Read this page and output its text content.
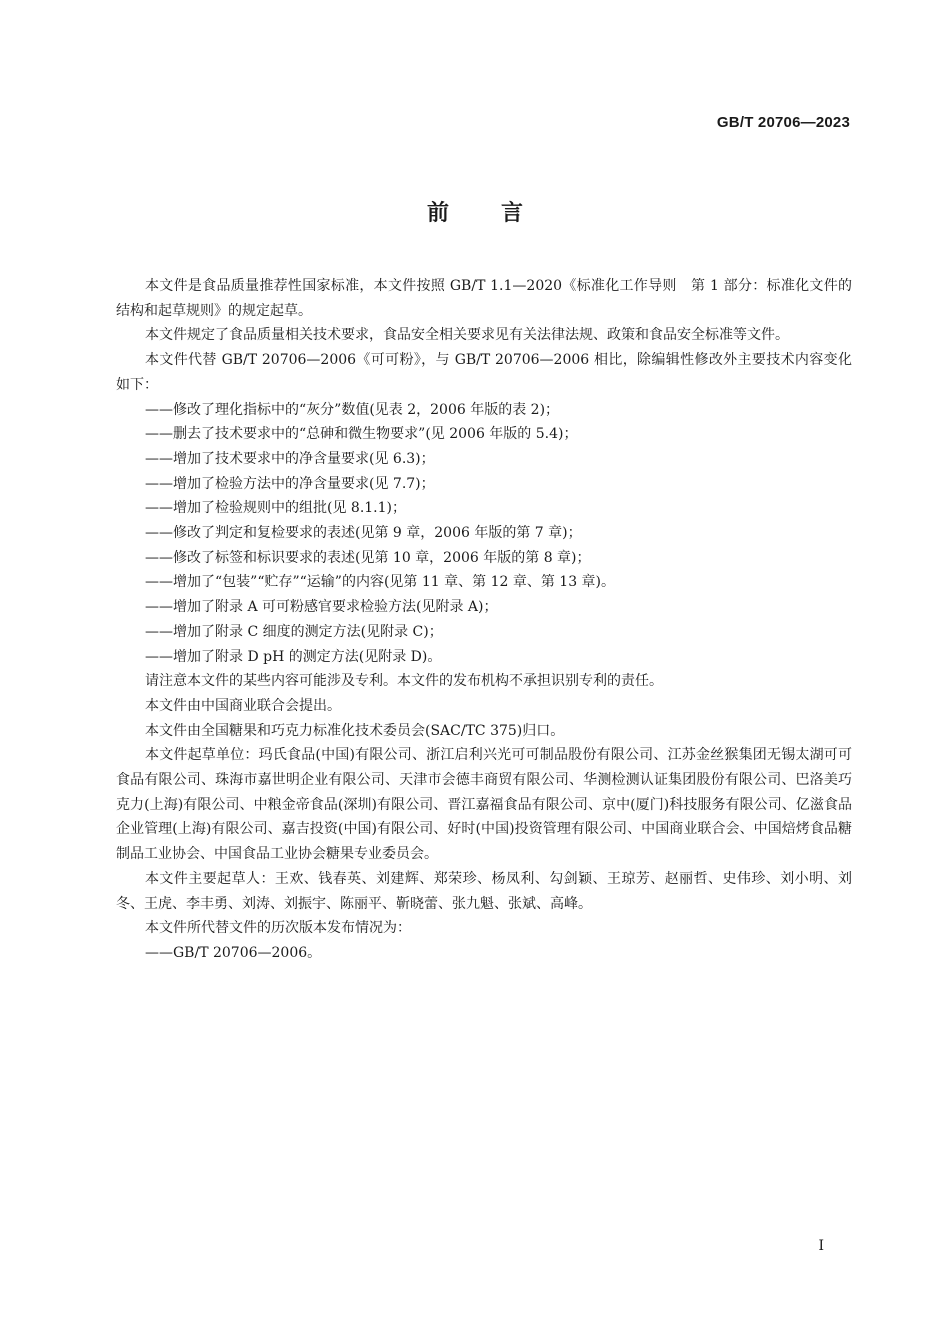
GB/T 20706—2023
前 言

本文件是食品质量推荐性国家标准，本文件按照 GB/T 1.1—2020《标准化工作导则　第 1 部分：标准化文件的结构和起草规则》的规定起草。

本文件规定了食品质量相关技术要求，食品安全相关要求见有关法律法规、政策和食品安全标准等文件。

本文件代替 GB/T 20706—2006《可可粉》，与 GB/T 20706—2006 相比，除编辑性修改外主要技术内容变化如下：

——修改了理化指标中的“灰分”数值(见表 2，2006 年版的表 2)；

——删去了技术要求中的“总砷和微生物要求”(见 2006 年版的 5.4)；

——增加了技术要求中的净含量要求(见 6.3)；

——增加了检验方法中的净含量要求(见 7.7)；

——增加了检验规则中的组批(见 8.1.1)；

——修改了判定和复检要求的表述(见第 9 章，2006 年版的第 7 章)；

——修改了标签和标识要求的表述(见第 10 章，2006 年版的第 8 章)；

——增加了“包装”“贮存”“运输”的内容(见第 11 章、第 12 章、第 13 章)。

——增加了附录 A 可可粉感官要求检验方法(见附录 A)；

——增加了附录 C 细度的测定方法(见附录 C)；

——增加了附录 D pH 的测定方法(见附录 D)。

请注意本文件的某些内容可能涉及专利。本文件的发布机构不承担识别专利的责任。

本文件由中国商业联合会提出。

本文件由全国糖果和巧克力标准化技术委员会(SAC/TC 375)归口。

本文件起草单位：玛氏食品(中国)有限公司、浙江启利兴光可可制品股份有限公司、江苏金丝猴集团无锡太湖可可食品有限公司、珠海市嘉世明企业有限公司、天津市会德丰商贸有限公司、华测检测认证集团股份有限公司、巴洛美巧克力(上海)有限公司、中粮金帝食品(深圳)有限公司、晋江嘉福食品有限公司、京中(厦门)科技服务有限公司、亿滋食品企业管理(上海)有限公司、嘉吉投资(中国)有限公司、好时(中国)投资管理有限公司、中国商业联合会、中国焙烤食品糖制品工业协会、中国食品工业协会糖果专业委员会。

本文件主要起草人：王欢、钱春英、刘建辉、郑荣珍、杨凤利、勾剑颖、王琼芳、赵丽哲、史伟珍、刘小明、刘冬、王虎、李丰勇、刘涛、刘振宇、陈丽平、靳晓蕾、张九魁、张斌、高峰。

本文件所代替文件的历次版本发布情况为：

——GB/T 20706—2006。

I
